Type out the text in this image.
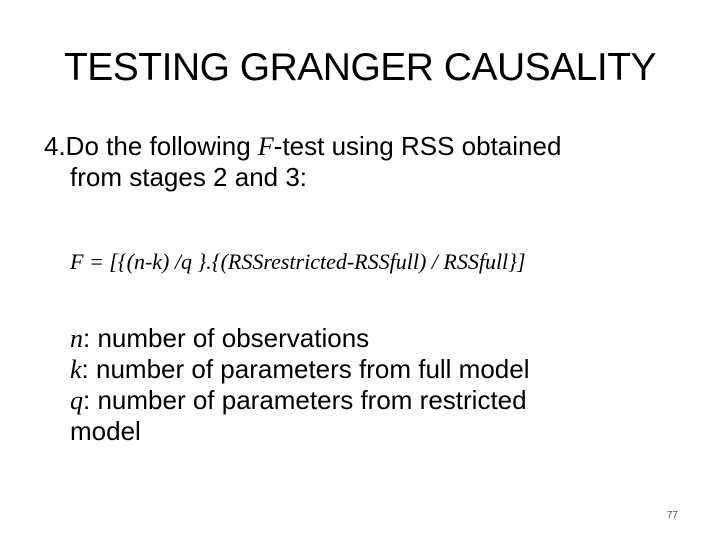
TESTING GRANGER CAUSALITY
4.Do the following F-test using RSS obtained
from stages 2 and 3:
F = [{(n-k) /q }.{(RSSrestricted-RSSfull) / RSSfull}]
n: number of observations
k: number of parameters from full model
q: number of parameters from restricted
model
77
